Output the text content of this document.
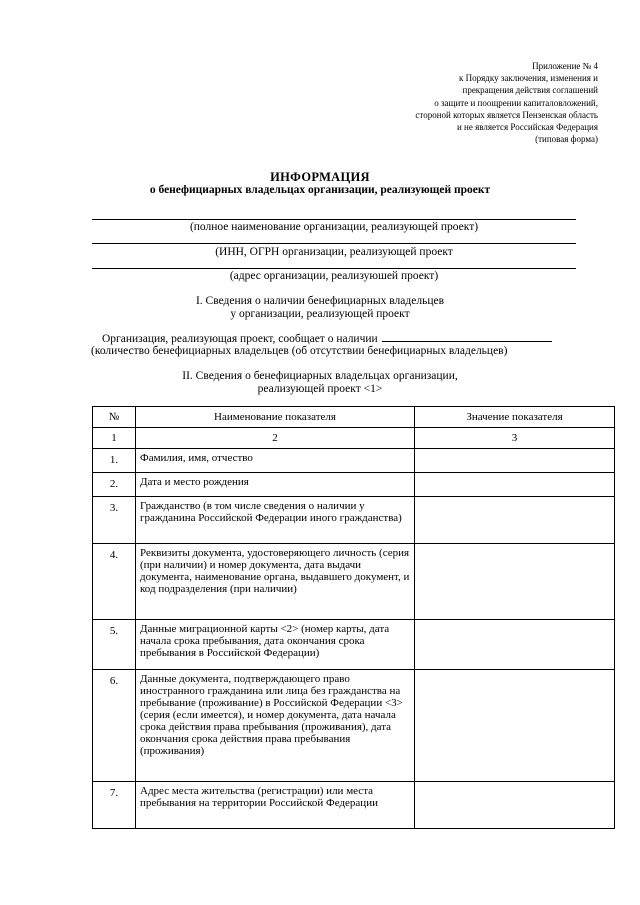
Приложение № 4
к Порядку заключения, изменения и
прекращения действия соглашений
о защите и поощрении капиталовложений,
стороной которых является Пензенская область
и не является Российская Федерация
(типовая форма)
ИНФОРМАЦИЯ
о бенефициарных владельцах организации, реализующей проект
(полное наименование организации, реализующей проект)
(ИНН, ОГРН организации, реализующей проект
(адрес организации, реализуюшей проект)
I. Сведения о наличии бенефициарных владельцев
у организации, реализующей проект
Организация, реализующая проект, сообщает о наличии
(количество бенефициарных владельцев (об отсутствии бенефициарных владельцев)
II. Сведения о бенефициарных владельцах организации,
реализующей проект <1>
№	Наименование показателя	Значение показателя
1	2	3
1.	Фамилия, имя, отчество	
2.	Дата и место рождения	
3.	Гражданство (в том числе сведения о наличии у гражданина Российской Федерации иного гражданства)	
4.	Реквизиты документа, удостоверяющего личность (серия (при наличии) и номер документа, дата выдачи документа, наименование органа, выдавшего документ, и код подразделения (при наличии)	
5.	Данные миграционной карты <2> (номер карты, дата начала срока пребывания, дата окончания срока пребывания в Российской Федерации)	
6.	Данные документа, подтверждающего право иностранного гражданина или лица без гражданства на пребывание (проживание) в Российской Федерации <3> (серия (если имеется), и номер документа, дата начала срока действия права пребывания (проживания), дата окончания срока действия права пребывания (проживания)	
7.	Адрес места жительства (регистрации) или места пребывания на территории Российской Федерации	
